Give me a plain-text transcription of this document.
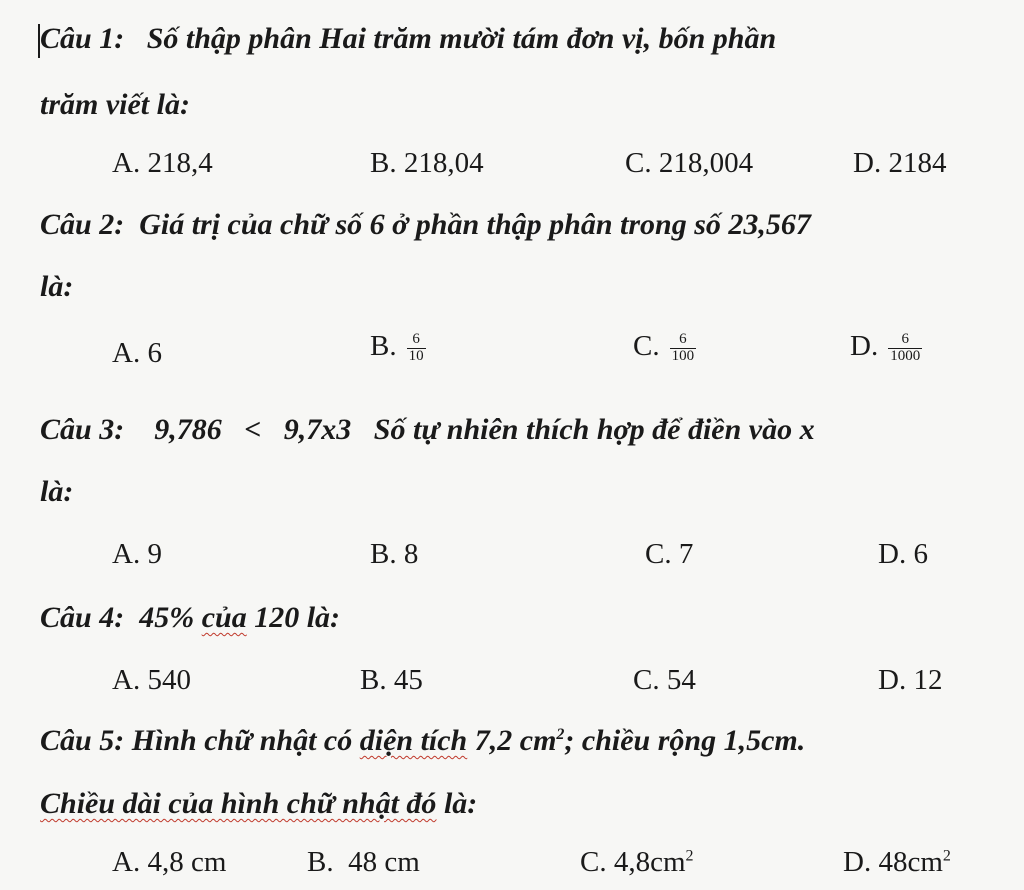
Câu 1: Số thập phân Hai trăm mười tám đơn vị, bốn phần
trăm viết là:
A. 218,4	B. 218,04	C. 218,004	D. 2184
Câu 2: Giá trị của chữ số 6 ở phần thập phân trong số 23,567
là:
A. 6	B. $\frac{6}{10}$	C. $\frac{6}{100}$	D. $\frac{6}{1000}$
Câu 3: 9,786 < 9,7x3 Số tự nhiên thích hợp để điền vào x
là:
A. 9	B. 8	C. 7	D. 6
Câu 4: 45% của 120 là:
A. 540	B. 45	C. 54	D. 12
Câu 5: Hình chữ nhật có diện tích 7,2 $cm^2$; chiều rộng 1,5cm.
Chiều dài của hình chữ nhật đó là:
A. 4,8 cm	B.  48 cm	C. $4,8cm^2$	D. $48cm^2$
